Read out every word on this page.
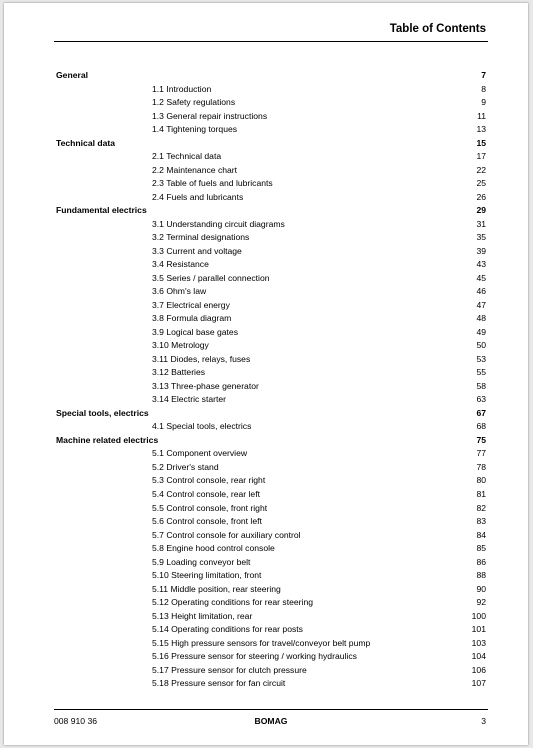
Table of Contents
General	7
1.1 Introduction	8
1.2 Safety regulations	9
1.3 General repair instructions	11
1.4 Tightening torques	13
Technical data	15
2.1 Technical data	17
2.2 Maintenance chart	22
2.3 Table of fuels and lubricants	25
2.4 Fuels and lubricants	26
Fundamental electrics	29
3.1 Understanding circuit diagrams	31
3.2 Terminal designations	35
3.3 Current and voltage	39
3.4 Resistance	43
3.5 Series / parallel connection	45
3.6 Ohm's law	46
3.7 Electrical energy	47
3.8 Formula diagram	48
3.9 Logical base gates	49
3.10 Metrology	50
3.11 Diodes, relays, fuses	53
3.12 Batteries	55
3.13 Three-phase generator	58
3.14 Electric starter	63
Special tools, electrics	67
4.1 Special tools, electrics	68
Machine related electrics	75
5.1 Component overview	77
5.2 Driver's stand	78
5.3 Control console, rear right	80
5.4 Control console, rear left	81
5.5 Control console, front right	82
5.6 Control console, front left	83
5.7 Control console for auxiliary control	84
5.8 Engine hood control console	85
5.9 Loading conveyor belt	86
5.10 Steering limitation, front	88
5.11 Middle position, rear steering	90
5.12 Operating conditions for rear steering	92
5.13 Height limitation, rear	100
5.14 Operating conditions for rear posts	101
5.15 High pressure sensors for travel/conveyor belt pump	103
5.16 Pressure sensor for steering / working hydraulics	104
5.17 Pressure sensor for clutch pressure	106
5.18 Pressure sensor for fan circuit	107
008 910 36	BOMAG	3
